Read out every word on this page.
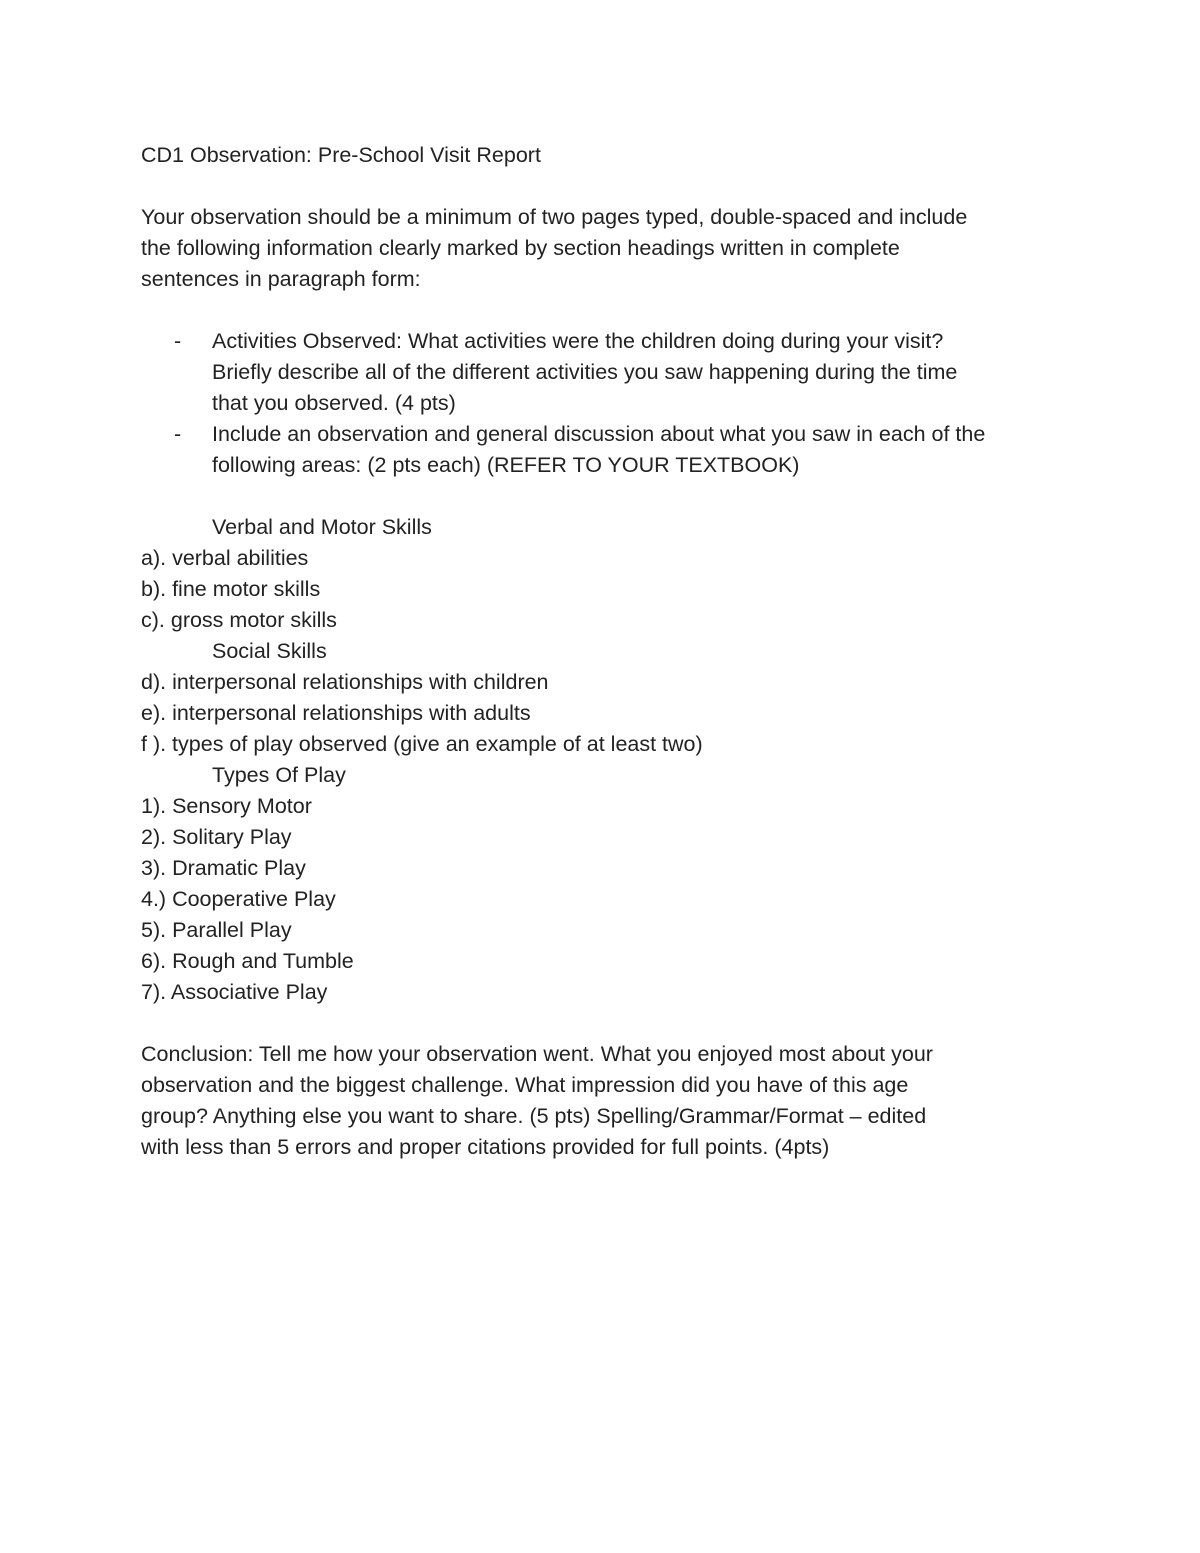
CD1 Observation: Pre-School Visit Report
Your observation should be a minimum of two pages typed, double-spaced and include
the following information clearly marked by section headings written in complete
sentences in paragraph form:
- Activities Observed: What activities were the children doing during your visit?
Briefly describe all of the different activities you saw happening during the time
that you observed. (4 pts)
- Include an observation and general discussion about what you saw in each of the
following areas: (2 pts each) (REFER TO YOUR TEXTBOOK)
Verbal and Motor Skills
a). verbal abilities
b). fine motor skills
c). gross motor skills
Social Skills
d). interpersonal relationships with children
e). interpersonal relationships with adults
f ). types of play observed (give an example of at least two)
Types Of Play
1). Sensory Motor
2). Solitary Play
3). Dramatic Play
4.) Cooperative Play
5). Parallel Play
6). Rough and Tumble
7). Associative Play
Conclusion: Tell me how your observation went. What you enjoyed most about your
observation and the biggest challenge. What impression did you have of this age
group? Anything else you want to share. (5 pts) Spelling/Grammar/Format – edited
with less than 5 errors and proper citations provided for full points. (4pts)
